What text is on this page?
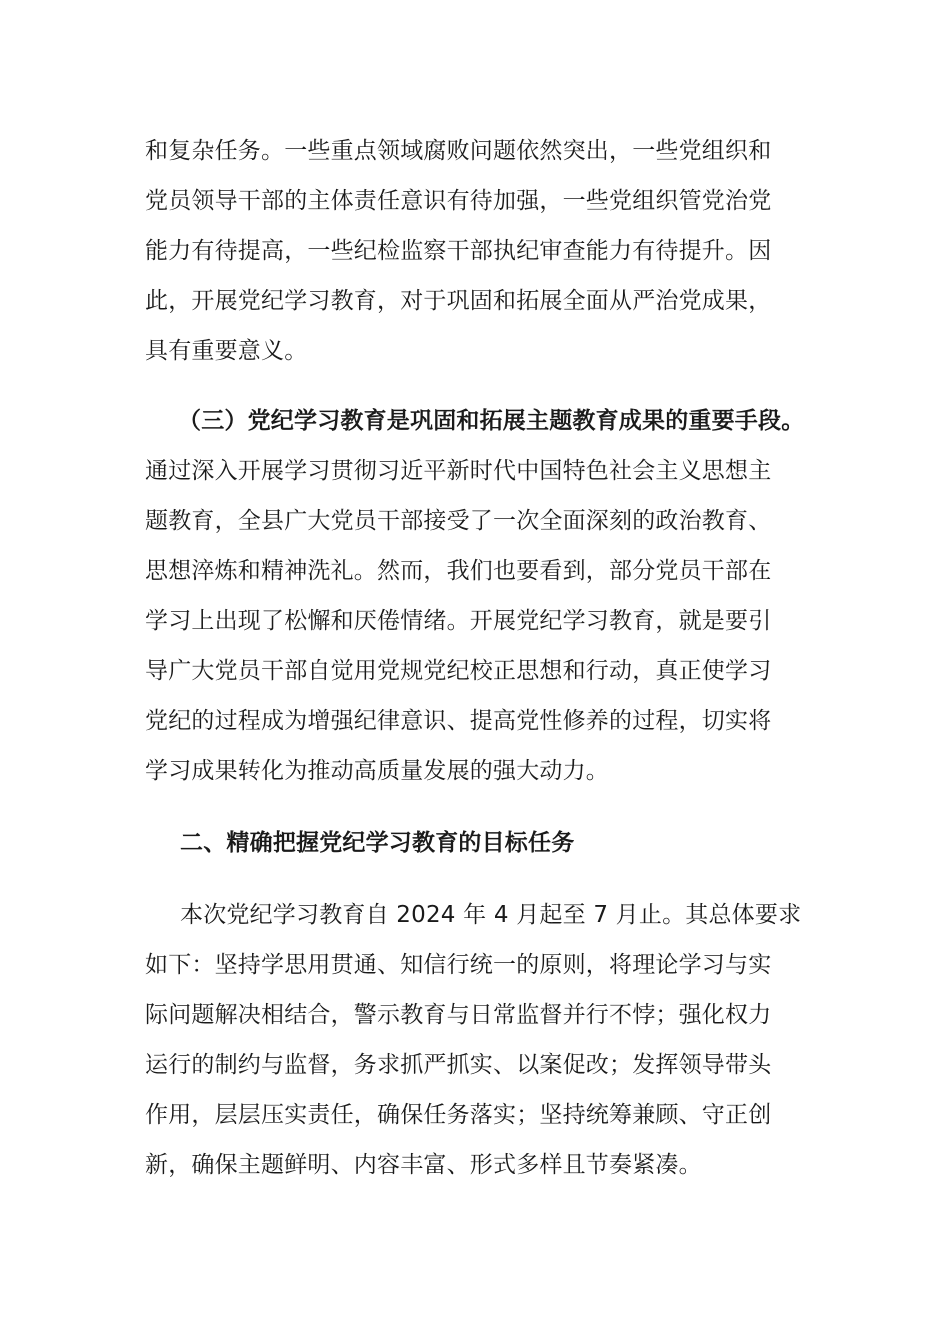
和复杂任务。一些重点领域腐败问题依然突出，一些党组织和
党员领导干部的主体责任意识有待加强，一些党组织管党治党
能力有待提高，一些纪检监察干部执纪审查能力有待提升。因
此，开展党纪学习教育，对于巩固和拓展全面从严治党成果，
具有重要意义。
（三）党纪学习教育是巩固和拓展主题教育成果的重要手段。
通过深入开展学习贯彻习近平新时代中国特色社会主义思想主
题教育，全县广大党员干部接受了一次全面深刻的政治教育、
思想淬炼和精神洗礼。然而，我们也要看到，部分党员干部在
学习上出现了松懈和厌倦情绪。开展党纪学习教育，就是要引
导广大党员干部自觉用党规党纪校正思想和行动，真正使学习
党纪的过程成为增强纪律意识、提高党性修养的过程，切实将
学习成果转化为推动高质量发展的强大动力。
二、精确把握党纪学习教育的目标任务
本次党纪学习教育自 2024 年 4 月起至 7 月止。其总体要求
如下：坚持学思用贯通、知信行统一的原则，将理论学习与实
际问题解决相结合，警示教育与日常监督并行不悖；强化权力
运行的制约与监督，务求抓严抓实、以案促改；发挥领导带头
作用，层层压实责任，确保任务落实；坚持统筹兼顾、守正创
新，确保主题鲜明、内容丰富、形式多样且节奏紧凑。
